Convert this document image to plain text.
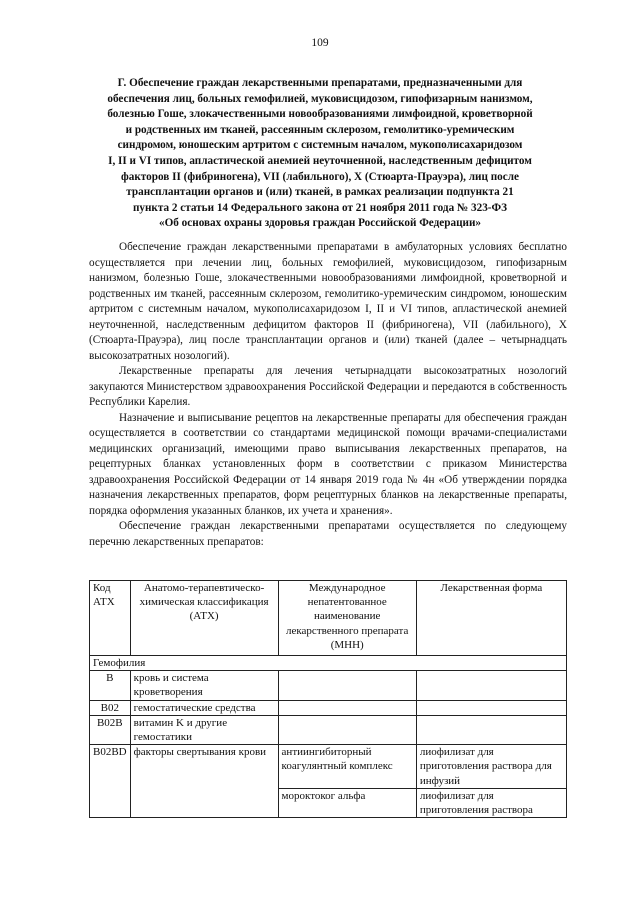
109
Г. Обеспечение граждан лекарственными препаратами, предназначенными для
обеспечения лиц, больных гемофилией, муковисцидозом, гипофизарным нанизмом,
болезнью Гоше, злокачественными новообразованиями лимфоидной, кроветворной
и родственных им тканей, рассеянным склерозом, гемолитико-уремическим
синдромом, юношеским артритом с системным началом, мукополисахаридозом
I, II и VI типов, апластической анемией неуточненной, наследственным дефицитом
факторов II (фибриногена), VII (лабильного), X (Стюарта-Прауэра), лиц после
трансплантации органов и (или) тканей, в рамках реализации подпункта 21
пункта 2 статьи 14 Федерального закона от 21 ноября 2011 года № 323-ФЗ
«Об основах охраны здоровья граждан Российской Федерации»

Обеспечение граждан лекарственными препаратами в амбулаторных условиях бесплатно осуществляется при лечении лиц, больных гемофилией, муковисцидозом, гипофизарным нанизмом, болезнью Гоше, злокачественными новообразованиями лимфоидной, кроветворной и родственных им тканей, рассеянным склерозом, гемолитико-уремическим синдромом, юношеским артритом с системным началом, мукополисахаридозом I, II и VI типов, апластической анемией неуточненной, наследственным дефицитом факторов II (фибриногена), VII (лабильного), X (Стюарта-Прауэра), лиц после трансплантации органов и (или) тканей (далее – четырнадцать высокозатратных нозологий).

Лекарственные препараты для лечения четырнадцати высокозатратных нозологий закупаются Министерством здравоохранения Российской Федерации и передаются в собственность Республики Карелия.

Назначение и выписывание рецептов на лекарственные препараты для обеспечения граждан осуществляется в соответствии со стандартами медицинской помощи врачами-специалистами медицинских организаций, имеющими право выписывания лекарственных препаратов, на рецептурных бланках установленных форм в соответствии с приказом Министерства здравоохранения Российской Федерации от 14 января 2019 года № 4н «Об утверждении порядка назначения лекарственных препаратов, форм рецептурных бланков на лекарственные препараты, порядка оформления указанных бланков, их учета и хранения».

Обеспечение граждан лекарственными препаратами осуществляется по следующему перечню лекарственных препаратов:

Код АТХ	Анатомо-терапевтическо-химическая классификация (АТХ)	Международное непатентованное наименование лекарственного препарата (МНН)	Лекарственная форма
Гемофилия			
B	кровь и система кроветворения		
B02	гемостатические средства		
B02B	витамин K и другие гемостатики		
B02BD	факторы свертывания крови	антиингибиторный коагулянтный комплекс	лиофилизат для приготовления раствора для инфузий
		мороктоког альфа	лиофилизат для приготовления раствора
